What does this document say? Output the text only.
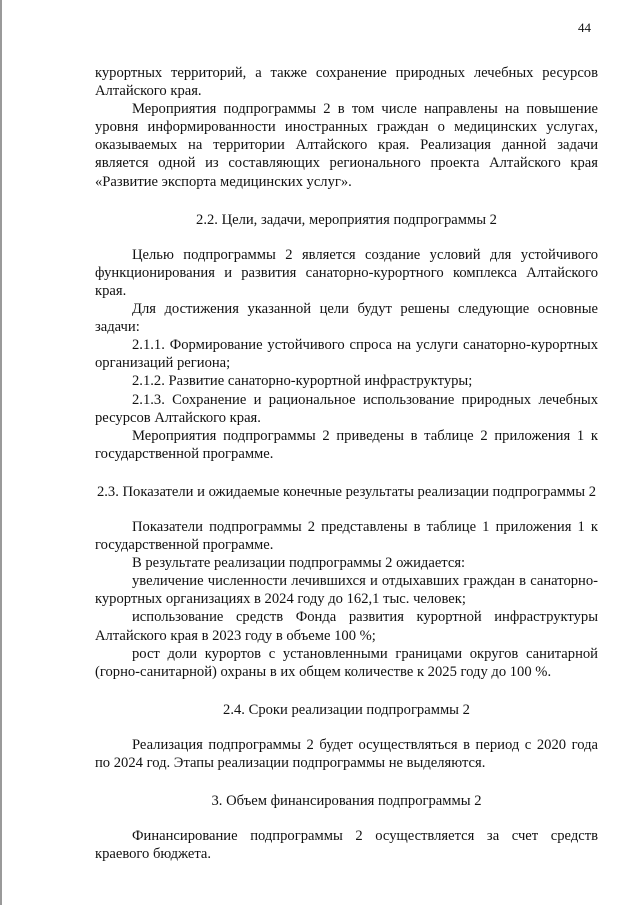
44

курортных территорий, а также сохранение природных лечебных ресурсов Алтайского края.

Мероприятия подпрограммы 2 в том числе направлены на повышение уровня информированности иностранных граждан о медицинских услугах, оказываемых на территории Алтайского края. Реализация данной задачи является одной из составляющих регионального проекта Алтайского края «Развитие экспорта медицинских услуг».

2.2. Цели, задачи, мероприятия подпрограммы 2

Целью подпрограммы 2 является создание условий для устойчивого функционирования и развития санаторно-курортного комплекса Алтайского края.

Для достижения указанной цели будут решены следующие основные задачи:

2.1.1. Формирование устойчивого спроса на услуги санаторно-курортных организаций региона;

2.1.2. Развитие санаторно-курортной инфраструктуры;

2.1.3. Сохранение и рациональное использование природных лечебных ресурсов Алтайского края.

Мероприятия подпрограммы 2 приведены в таблице 2 приложения 1 к государственной программе.

2.3. Показатели и ожидаемые конечные результаты реализации подпрограммы 2

Показатели подпрограммы 2 представлены в таблице 1 приложения 1 к государственной программе.

В результате реализации подпрограммы 2 ожидается:

увеличение численности лечившихся и отдыхавших граждан в санаторно-курортных организациях в 2024 году до 162,1 тыс. человек;

использование средств Фонда развития курортной инфраструктуры Алтайского края в 2023 году в объеме 100 %;

рост доли курортов с установленными границами округов санитарной (горно-санитарной) охраны в их общем количестве к 2025 году до 100 %.

2.4. Сроки реализации подпрограммы 2

Реализация подпрограммы 2 будет осуществляться в период с 2020 года по 2024 год. Этапы реализации подпрограммы не выделяются.

3. Объем финансирования подпрограммы 2

Финансирование подпрограммы 2 осуществляется за счет средств краевого бюджета.
